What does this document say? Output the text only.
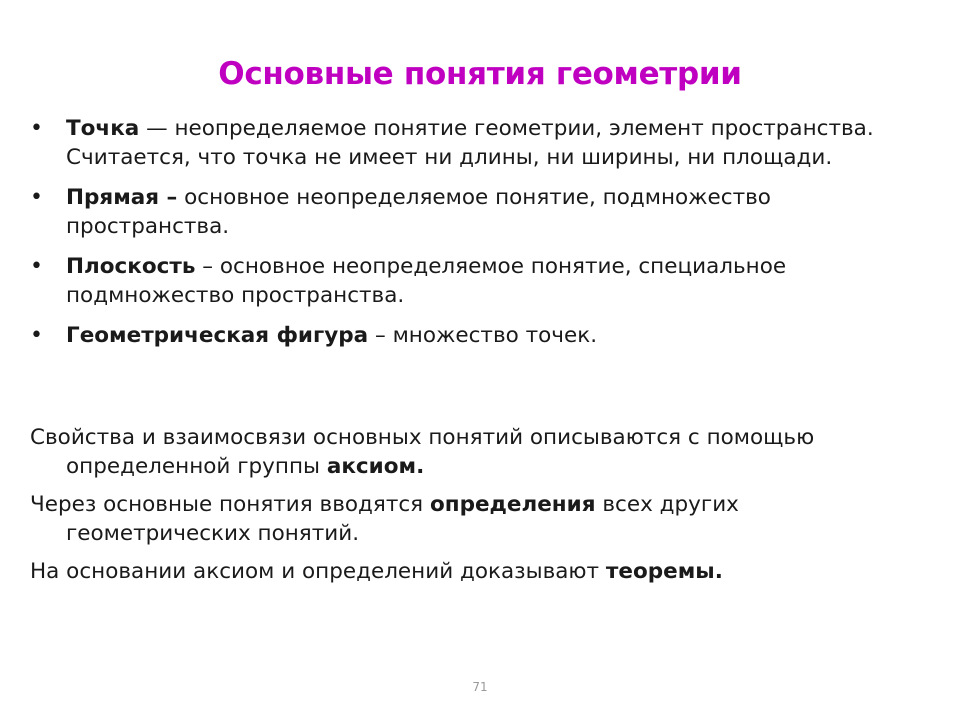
Основные понятия геометрии
• Точка — неопределяемое понятие геометрии, элемент пространства. Считается, что точка не имеет ни длины, ни ширины, ни площади.
• Прямая – основное неопределяемое понятие, подмножество пространства.
• Плоскость – основное неопределяемое понятие, специальное подмножество пространства.
• Геометрическая фигура – множество точек.

Свойства и взаимосвязи основных понятий описываются с помощью определенной группы аксиом.

Через основные понятия вводятся определения всех других геометрических понятий.

На основании аксиом и определений доказывают теоремы.

71
